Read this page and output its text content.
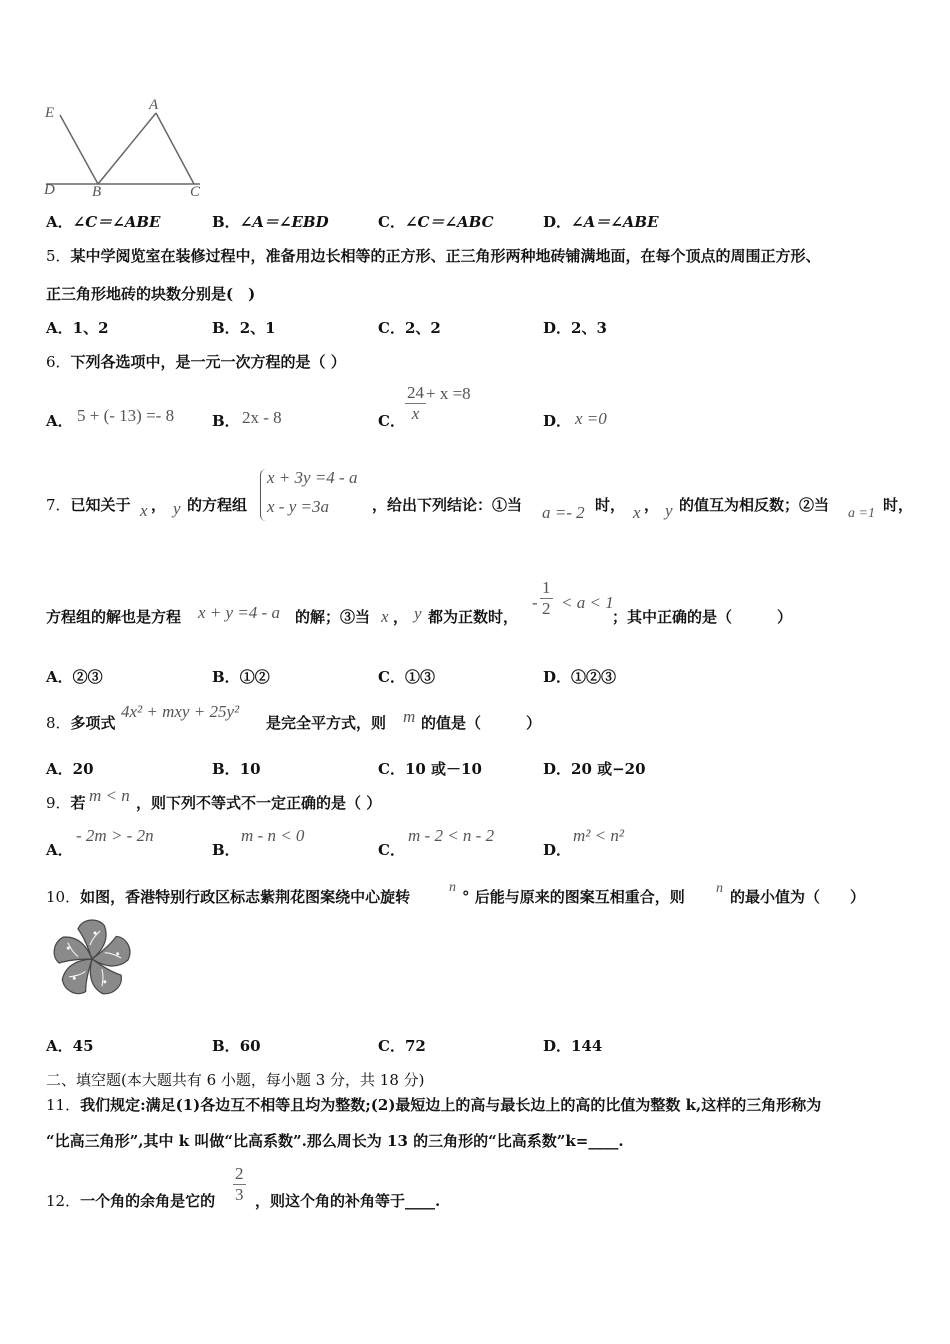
E	A
D B	C
A．∠C＝∠ABE	B．∠A＝∠EBD	C．∠C＝∠ABC	D．∠A＝∠ABE
5．某中学阅览室在装修过程中，准备用边长相等的正方形、正三角形两种地砖铺满地面，在每个顶点的周围正方形、
正三角形地砖的块数分别是(　)
A．1、2	B．2、1	C．2、2	D．2、3
6．下列各选项中，是一元一次方程的是（ ）
A． 5 + (- 13) =- 8	B． 2x - 8	C． $\frac{24}{x} + x =8$
D． x =0
7．已知关于 x ， y 的方程组
x + 3y =4 - a
x - y =3a	，给出下列结论：①当 a =- 2 时， x ， y 的值互为相反数；②当 a =1 时，
方程组的解也是方程 x + y =4 - a 的解；③当 x ， y 都为正数时，
- $\frac{1}{2} < a < 1$
；其中正确的是（　　　）
A．②③	B．①②	C．①③	D．①②③
8．多项式
4x² + mxy + 25y²
是完全平方式，则 m 的值是（　　　）
A．20	B．10	C．10 或－10	D．20 或−20
9．若 m < n ，则下列不等式不一定正确的是（ ）
A．
- 2m > - 2n
B．
m - n < 0
C．
m - 2 < n - 2
D．
m² < n²
10．如图，香港特别行政区标志紫荆花图案绕中心旋转
n
° 后能与原来的图案互相重合，则 n 的最小值为（　　）
A．45	B．60	C．72	D．144
二、填空题(本大题共有 6 小题，每小题 3 分，共 18 分)
11．我们规定:满足(1)各边互不相等且均为整数;(2)最短边上的高与最长边上的高的比值为整数 k,这样的三角形称为
“比高三角形”,其中 k 叫做“比高系数”.那么周长为 13 的三角形的“比高系数”k=____.
12．一个角的余角是它的 $\frac{2}{3}$ ，则这个角的补角等于____.
